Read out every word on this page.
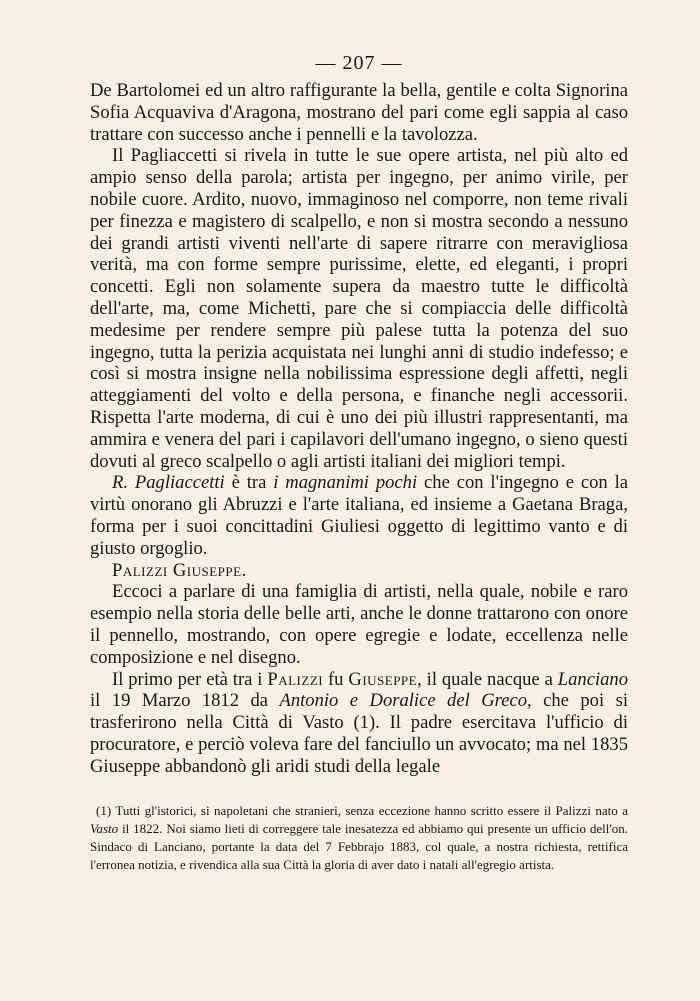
— 207 —

De Bartolomei ed un altro raffigurante la bella, gentile e colta Signorina Sofia Acquaviva d'Aragona, mostrano del pari come egli sappia al caso trattare con successo anche i pennelli e la tavolozza.

Il Pagliaccetti si rivela in tutte le sue opere artista, nel più alto ed ampio senso della parola; artista per ingegno, per animo virile, per nobile cuore. Ardito, nuovo, immaginoso nel comporre, non teme rivali per finezza e magistero di scalpello, e non si mostra secondo a nessuno dei grandi artisti viventi nell'arte di sapere ritrarre con meravigliosa verità, ma con forme sempre purissime, elette, ed eleganti, i propri concetti. Egli non solamente supera da maestro tutte le difficoltà dell'arte, ma, come Michetti, pare che si compiaccia delle difficoltà medesime per rendere sempre più palese tutta la potenza del suo ingegno, tutta la perizia acquistata nei lunghi anni di studio indefesso; e così si mostra insigne nella nobilissima espressione degli affetti, negli atteggiamenti del volto e della persona, e finanche negli accessorii. Rispetta l'arte moderna, di cui è uno dei più illustri rappresentanti, ma ammira e venera del pari i capilavori dell'umano ingegno, o sieno questi dovuti al greco scalpello o agli artisti italiani dei migliori tempi.

R. Pagliaccetti è tra i magnanimi pochi che con l'ingegno e con la virtù onorano gli Abruzzi e l'arte italiana, ed insieme a Gaetana Braga, forma per i suoi concittadini Giuliesi oggetto di legittimo vanto e di giusto orgoglio.

Palizzi Giuseppe.

Eccoci a parlare di una famiglia di artisti, nella quale, nobile e raro esempio nella storia delle belle arti, anche le donne trattarono con onore il pennello, mostrando, con opere egregie e lodate, eccellenza nelle composizione e nel disegno.

Il primo per età tra i Palizzi fu Giuseppe, il quale nacque a Lanciano il 19 Marzo 1812 da Antonio e Doralice del Greco, che poi si trasferirono nella Città di Vasto (1). Il padre esercitava l'ufficio di procuratore, e perciò voleva fare del fanciullo un avvocato; ma nel 1835 Giuseppe abbandonò gli aridi studi della legale

(1) Tutti gl'istorici, sì napoletani che stranieri, senza eccezione hanno scritto essere il Palizzi nato a Vasto il 1822. Noi siamo lieti di correggere tale inesatezza ed abbiamo qui presente un ufficio dell'on. Sindaco di Lanciano, portante la data del 7 Febbrajo 1883, col quale, a nostra richiesta, rettifica l'erronea notizia, e rivendica alla sua Città la gloria di aver dato i natali all'egregio artista.
